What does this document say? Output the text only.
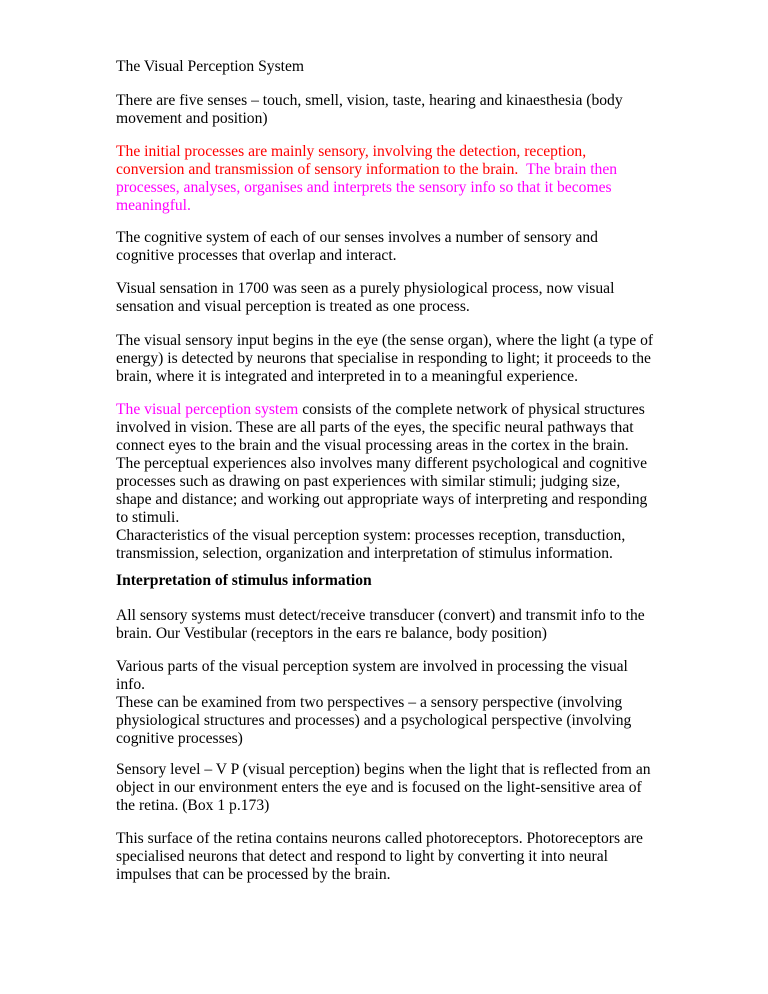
The Visual Perception System
There are five senses – touch, smell, vision, taste, hearing and kinaesthesia (body
movement and position)
The initial processes are mainly sensory, involving the detection, reception,
conversion and transmission of sensory information to the brain. The brain then
processes, analyses, organises and interprets the sensory info so that it becomes
meaningful.
The cognitive system of each of our senses involves a number of sensory and
cognitive processes that overlap and interact.
Visual sensation in 1700 was seen as a purely physiological process, now visual
sensation and visual perception is treated as one process.
The visual sensory input begins in the eye (the sense organ), where the light (a type of
energy) is detected by neurons that specialise in responding to light; it proceeds to the
brain, where it is integrated and interpreted in to a meaningful experience.
The visual perception system consists of the complete network of physical structures
involved in vision. These are all parts of the eyes, the specific neural pathways that
connect eyes to the brain and the visual processing areas in the cortex in the brain.
The perceptual experiences also involves many different psychological and cognitive
processes such as drawing on past experiences with similar stimuli; judging size,
shape and distance; and working out appropriate ways of interpreting and responding
to stimuli.
Characteristics of the visual perception system: processes reception, transduction,
transmission, selection, organization and interpretation of stimulus information.
Interpretation of stimulus information
All sensory systems must detect/receive transducer (convert) and transmit info to the
brain. Our Vestibular (receptors in the ears re balance, body position)
Various parts of the visual perception system are involved in processing the visual
info.
These can be examined from two perspectives – a sensory perspective (involving
physiological structures and processes) and a psychological perspective (involving
cognitive processes)
Sensory level – V P (visual perception) begins when the light that is reflected from an
object in our environment enters the eye and is focused on the light-sensitive area of
the retina. (Box 1 p.173)
This surface of the retina contains neurons called photoreceptors. Photoreceptors are
specialised neurons that detect and respond to light by converting it into neural
impulses that can be processed by the brain.
